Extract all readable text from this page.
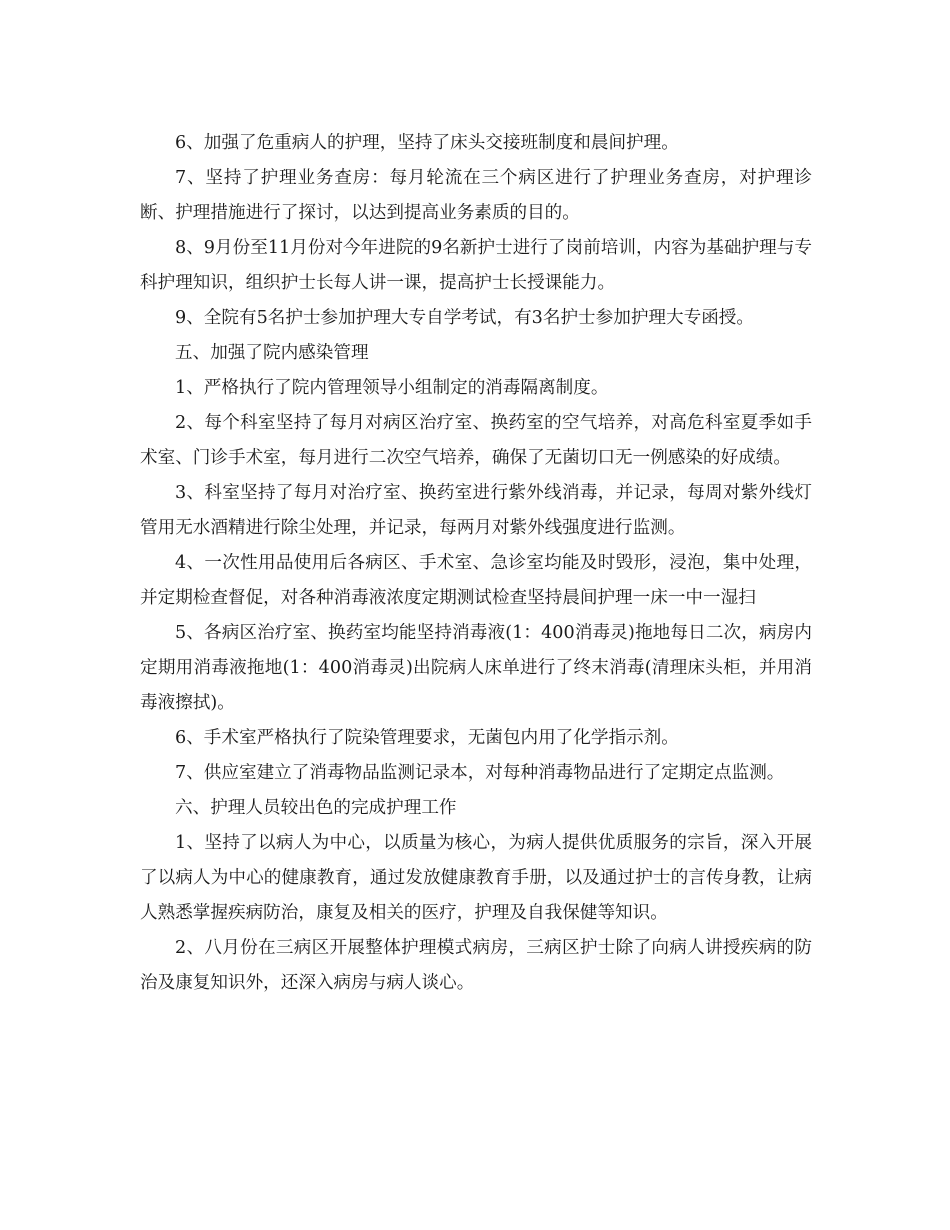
6、加强了危重病人的护理，坚持了床头交接班制度和晨间护理。

7、坚持了护理业务查房：每月轮流在三个病区进行了护理业务查房，对护理诊断、护理措施进行了探讨，以达到提高业务素质的目的。

8、9月份至11月份对今年进院的9名新护士进行了岗前培训，内容为基础护理与专科护理知识，组织护士长每人讲一课，提高护士长授课能力。

9、全院有5名护士参加护理大专自学考试，有3名护士参加护理大专函授。

五、加强了院内感染管理

1、严格执行了院内管理领导小组制定的消毒隔离制度。

2、每个科室坚持了每月对病区治疗室、换药室的空气培养，对高危科室夏季如手术室、门诊手术室，每月进行二次空气培养，确保了无菌切口无一例感染的好成绩。

3、科室坚持了每月对治疗室、换药室进行紫外线消毒，并记录，每周对紫外线灯管用无水酒精进行除尘处理，并记录，每两月对紫外线强度进行监测。

4、一次性用品使用后各病区、手术室、急诊室均能及时毁形，浸泡，集中处理，并定期检查督促，对各种消毒液浓度定期测试检查坚持晨间护理一床一中一湿扫

5、各病区治疗室、换药室均能坚持消毒液(1：400消毒灵)拖地每日二次，病房内定期用消毒液拖地(1：400消毒灵)出院病人床单进行了终末消毒(清理床头柜，并用消毒液擦拭)。

6、手术室严格执行了院染管理要求，无菌包内用了化学指示剂。

7、供应室建立了消毒物品监测记录本，对每种消毒物品进行了定期定点监测。

六、护理人员较出色的完成护理工作

1、坚持了以病人为中心，以质量为核心，为病人提供优质服务的宗旨，深入开展了以病人为中心的健康教育，通过发放健康教育手册，以及通过护士的言传身教，让病人熟悉掌握疾病防治，康复及相关的医疗，护理及自我保健等知识。

2、八月份在三病区开展整体护理模式病房，三病区护士除了向病人讲授疾病的防治及康复知识外，还深入病房与病人谈心。
